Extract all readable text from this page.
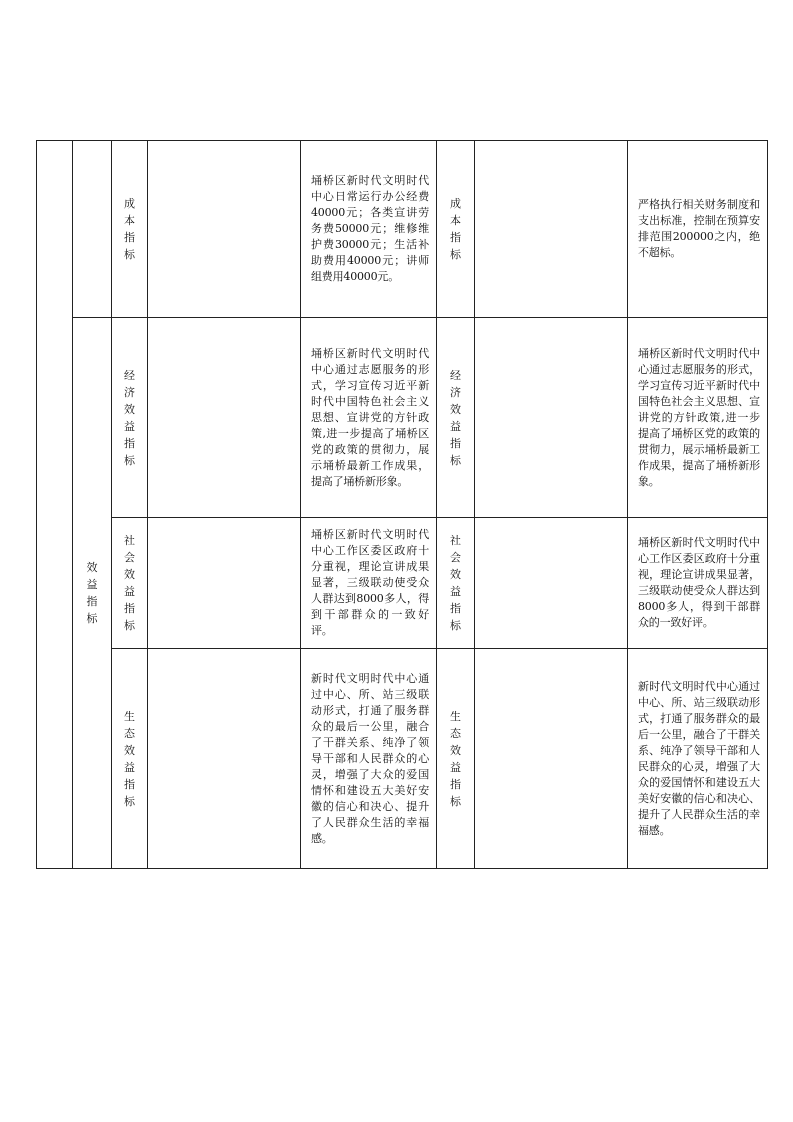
		成本指标		埇桥区新时代文明时代中心日常运行办公经费40000元；各类宣讲劳务费50000元；维修维护费30000元；生活补助费用40000元；讲师组费用40000元。	成本指标		严格执行相关财务制度和支出标准，控制在预算安排范围200000之内，绝不超标。
	效益指标	经济效益指标		埇桥区新时代文明时代中心通过志愿服务的形式，学习宣传习近平新时代中国特色社会主义思想、宣讲党的方针政策,进一步提高了埇桥区党的政策的贯彻力，展示埇桥最新工作成果，提高了埇桥新形象。	经济效益指标		埇桥区新时代文明时代中心通过志愿服务的形式，学习宣传习近平新时代中国特色社会主义思想、宣讲党的方针政策,进一步提高了埇桥区党的政策的贯彻力，展示埇桥最新工作成果，提高了埇桥新形象。
		社会效益指标		埇桥区新时代文明时代中心工作区委区政府十分重视，理论宣讲成果显著，三级联动使受众人群达到8000多人，得到干部群众的一致好评。	社会效益指标		埇桥区新时代文明时代中心工作区委区政府十分重视，理论宣讲成果显著，三级联动使受众人群达到8000多人，得到干部群众的一致好评。
		生态效益指标		新时代文明时代中心通过中心、所、站三级联动形式，打通了服务群众的最后一公里，融合了干群关系、纯净了领导干部和人民群众的心灵，增强了大众的爱国情怀和建设五大美好安徽的信心和决心、提升了人民群众生活的幸福感。	生态效益指标		新时代文明时代中心通过中心、所、站三级联动形式，打通了服务群众的最后一公里，融合了干群关系、纯净了领导干部和人民群众的心灵，增强了大众的爱国情怀和建设五大美好安徽的信心和决心、提升了人民群众生活的幸福感。
